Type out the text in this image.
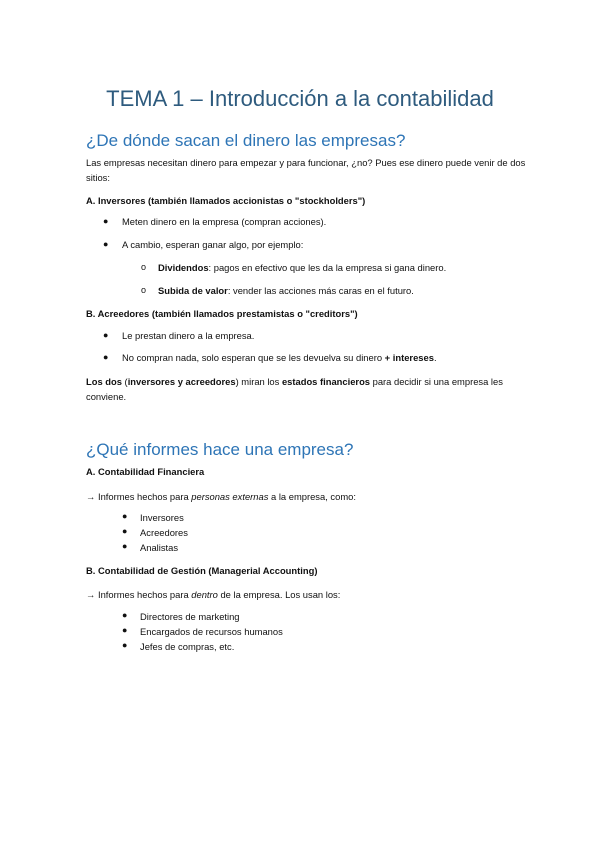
TEMA 1 – Introducción a la contabilidad
¿De dónde sacan el dinero las empresas?
Las empresas necesitan dinero para empezar y para funcionar, ¿no? Pues ese dinero puede venir de dos sitios:
A. Inversores (también llamados accionistas o "stockholders")
● Meten dinero en la empresa (compran acciones).
● A cambio, esperan ganar algo, por ejemplo:
o Dividendos: pagos en efectivo que les da la empresa si gana dinero.
o Subida de valor: vender las acciones más caras en el futuro.
B. Acreedores (también llamados prestamistas o "creditors")
● Le prestan dinero a la empresa.
● No compran nada, solo esperan que se les devuelva su dinero + intereses.
Los dos (inversores y acreedores) miran los estados financieros para decidir si una empresa les conviene.
¿Qué informes hace una empresa?
A. Contabilidad Financiera
→ Informes hechos para personas externas a la empresa, como:
● Inversores
● Acreedores
● Analistas
B. Contabilidad de Gestión (Managerial Accounting)
→ Informes hechos para dentro de la empresa. Los usan los:
● Directores de marketing
● Encargados de recursos humanos
● Jefes de compras, etc.
